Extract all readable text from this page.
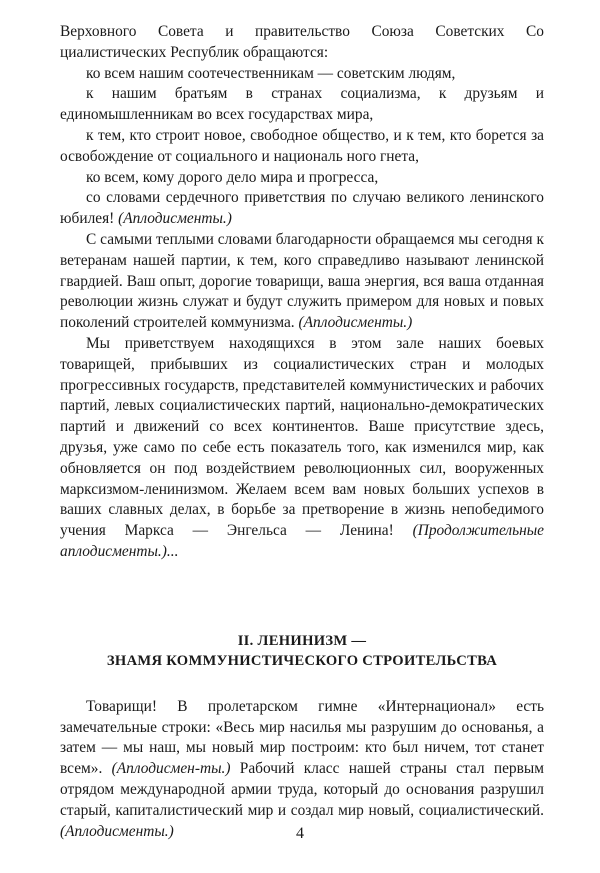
Верховного Совета и правительство Союза Советских Со циалистических Республик обращаются:

ко всем нашим соотечественникам — советским людям,

к нашим братьям в странах социализма, к друзьям и единомышленникам во всех государствах мира,

к тем, кто строит новое, свободное общество, и к тем, кто борется за освобождение от социального и националь ного гнета,

ко всем, кому дорого дело мира и прогресса,

со словами сердечного приветствия по случаю великого ленинского юбилея! (Аплодисменты.)

С самыми теплыми словами благодарности обращаемся мы сегодня к ветеранам нашей партии, к тем, кого справедливо называют ленинской гвардией. Ваш опыт, дорогие товарищи, ваша энергия, вся ваша отданная революции жизнь служат и будут служить примером для новых и повых поколений строителей коммунизма. (Аплодисменты.)

Мы приветствуем находящихся в этом зале наших боевых товарищей, прибывших из социалистических стран и молодых прогрессивных государств, представителей коммунистических и рабочих партий, левых социалистических партий, национально-демократических партий и движений со всех континентов. Ваше присутствие здесь, друзья, уже само по себе есть показатель того, как изменился мир, как обновляется он под воздействием революционных сил, вооруженных марксизмом-ленинизмом. Желаем всем вам новых больших успехов в ваших славных делах, в борьбе за претворение в жизнь непобедимого учения Маркса — Энгельса — Ленина! (Продолжительные аплодисменты.)...

II. ЛЕНИНИЗМ —
ЗНАМЯ КОММУНИСТИЧЕСКОГО СТРОИТЕЛЬСТВА

Товарищи! В пролетарском гимне «Интернационал» есть замечательные строки: «Весь мир насилья мы разрушим до основанья, а затем — мы наш, мы новый мир построим: кто был ничем, тот станет всем». (Аплодисмен-ты.) Рабочий класс нашей страны стал первым отрядом международной армии труда, который до основания разрушил старый, капиталистический мир и создал мир новый, социалистический. (Аплодисменты.)	4
